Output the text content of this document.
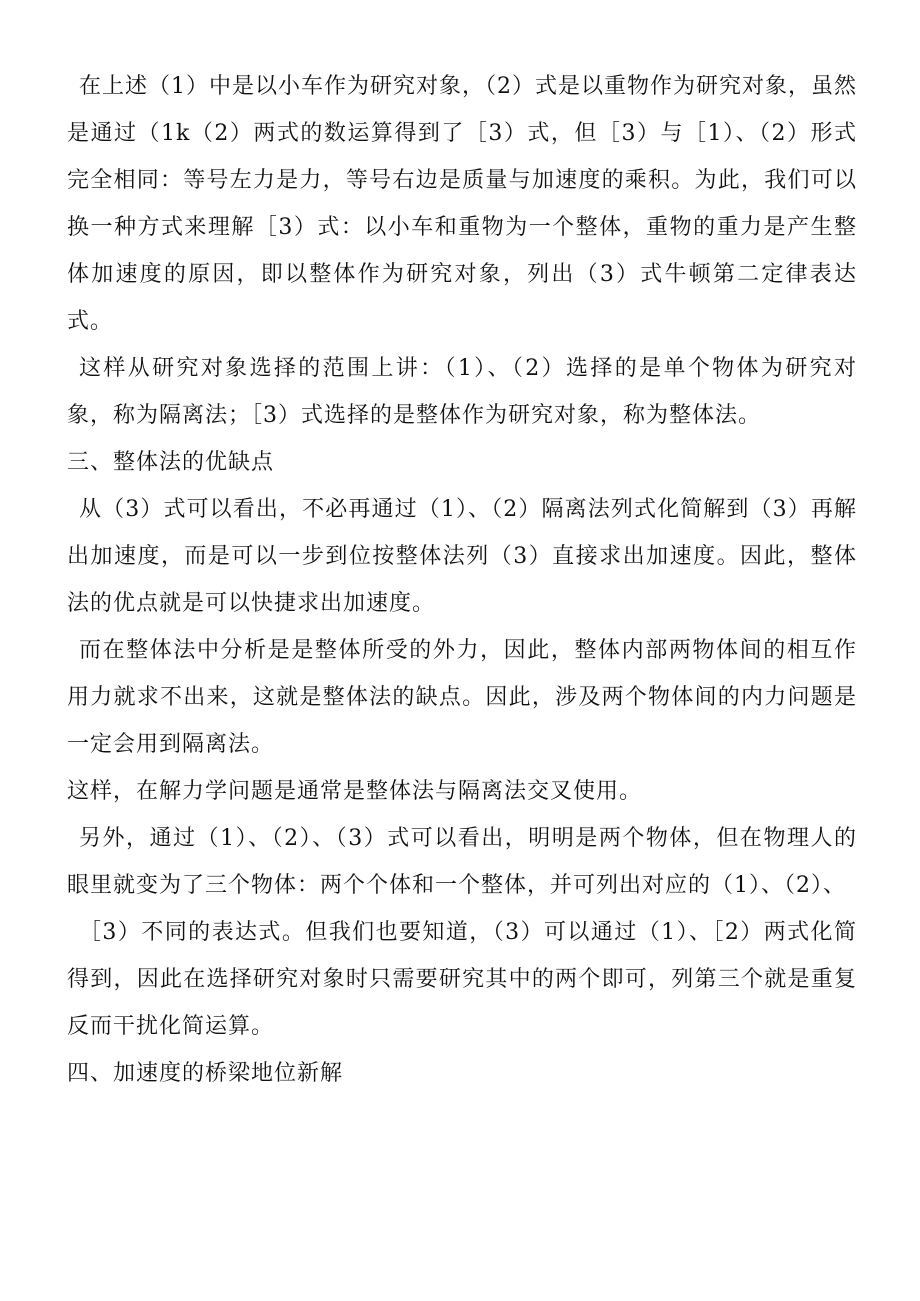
在上述（1）中是以小车作为研究对象，（2）式是以重物作为研究对象，虽然是通过（1k（2）两式的数运算得到了［3）式，但［3）与［1）、（2）形式完全相同：等号左力是力，等号右边是质量与加速度的乘积。为此，我们可以换一种方式来理解［3）式：以小车和重物为一个整体，重物的重力是产生整体加速度的原因，即以整体作为研究对象，列出（3）式牛顿第二定律表达式。

这样从研究对象选择的范围上讲：（1）、（2）选择的是单个物体为研究对象，称为隔离法；［3）式选择的是整体作为研究对象，称为整体法。

三、整体法的优缺点

从（3）式可以看出，不必再通过（1）、（2）隔离法列式化简解到（3）再解出加速度，而是可以一步到位按整体法列（3）直接求出加速度。因此，整体法的优点就是可以快捷求出加速度。

而在整体法中分析是是整体所受的外力，因此，整体内部两物体间的相互作用力就求不出来，这就是整体法的缺点。因此，涉及两个物体间的内力问题是一定会用到隔离法。

这样，在解力学问题是通常是整体法与隔离法交叉使用。

另外，通过（1）、（2）、（3）式可以看出，明明是两个物体，但在物理人的眼里就变为了三个物体：两个个体和一个整体，并可列出对应的（1）、（2）、

［3）不同的表达式。但我们也要知道，（3）可以通过（1）、［2）两式化简得到，因此在选择研究对象时只需要研究其中的两个即可，列第三个就是重复反而干扰化简运算。

四、加速度的桥梁地位新解
